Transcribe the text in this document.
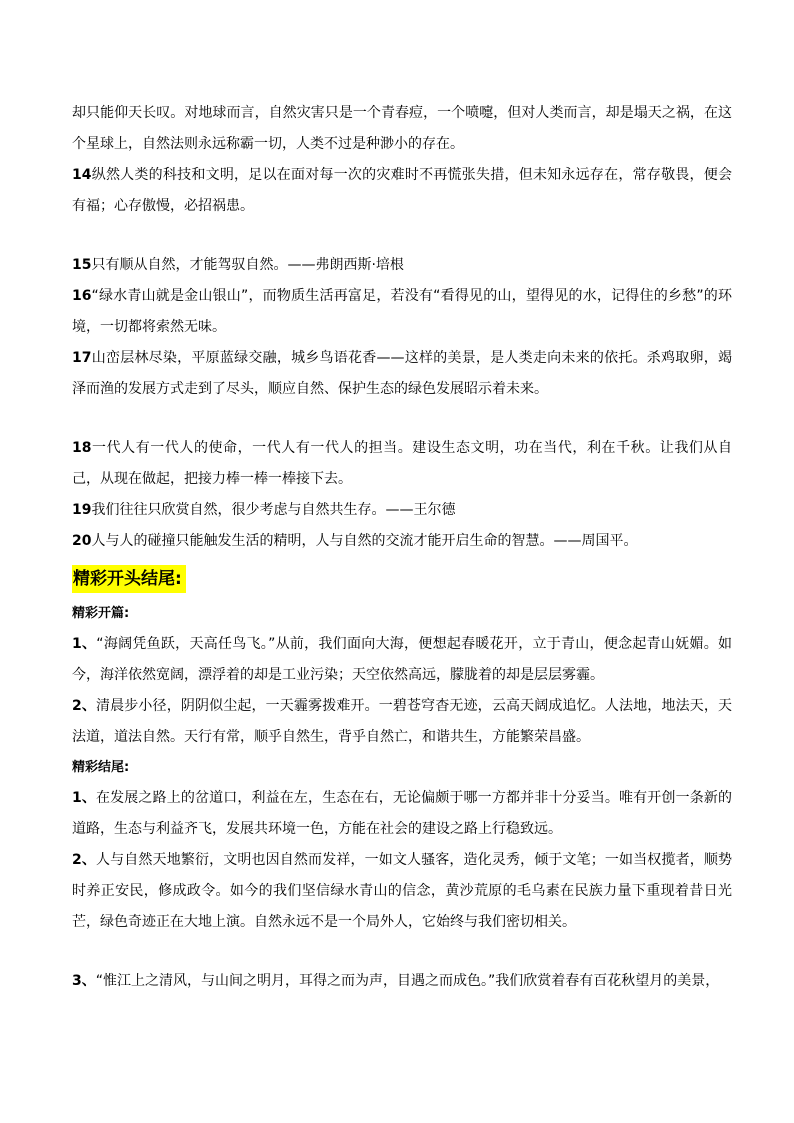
却只能仰天长叹。对地球而言，自然灾害只是一个青春痘，一个喷嚏，但对人类而言，却是塌天之祸，在这个星球上，自然法则永远称霸一切，人类不过是种渺小的存在。

14纵然人类的科技和文明，足以在面对每一次的灾难时不再慌张失措，但未知永远存在，常存敬畏，便会有福；心存傲慢，必招祸患。

15只有顺从自然，才能驾驭自然。——弗朗西斯·培根

16“绿水青山就是金山银山”，而物质生活再富足，若没有“看得见的山，望得见的水，记得住的乡愁”的环境，一切都将索然无味。

17山峦层林尽染，平原蓝绿交融，城乡鸟语花香——这样的美景，是人类走向未来的依托。杀鸡取卵，竭泽而渔的发展方式走到了尽头，顺应自然、保护生态的绿色发展昭示着未来。

18一代人有一代人的使命，一代人有一代人的担当。建设生态文明，功在当代，利在千秋。让我们从自己，从现在做起，把接力棒一棒一棒接下去。

19我们往往只欣赏自然，很少考虑与自然共生存。——王尔德

20人与人的碰撞只能触发生活的精明，人与自然的交流才能开启生命的智慧。——周国平。

精彩开头结尾:

精彩开篇:

1、“海阔凭鱼跃，天高任鸟飞。”从前，我们面向大海，便想起春暖花开，立于青山，便念起青山妩媚。如今，海洋依然宽阔，漂浮着的却是工业污染；天空依然高远，朦胧着的却是层层雾霾。

2、清晨步小径，阴阴似尘起，一天霾雾拨难开。一碧苍穹杳无迹，云高天阔成追忆。人法地，地法天，天法道，道法自然。天行有常，顺乎自然生，背乎自然亡，和谐共生，方能繁荣昌盛。

精彩结尾:

1、在发展之路上的岔道口，利益在左，生态在右，无论偏颇于哪一方都并非十分妥当。唯有开创一条新的道路，生态与利益齐飞，发展共环境一色，方能在社会的建设之路上行稳致远。

2、人与自然天地繁衍，文明也因自然而发祥，一如文人骚客，造化灵秀，倾于文笔；一如当权揽者，顺势时养正安民，修成政令。如今的我们坚信绿水青山的信念，黄沙荒原的毛乌素在民族力量下重现着昔日光芒，绿色奇迹正在大地上演。自然永远不是一个局外人，它始终与我们密切相关。

3、“惟江上之清风，与山间之明月，耳得之而为声，目遇之而成色。”我们欣赏着春有百花秋望月的美景，
